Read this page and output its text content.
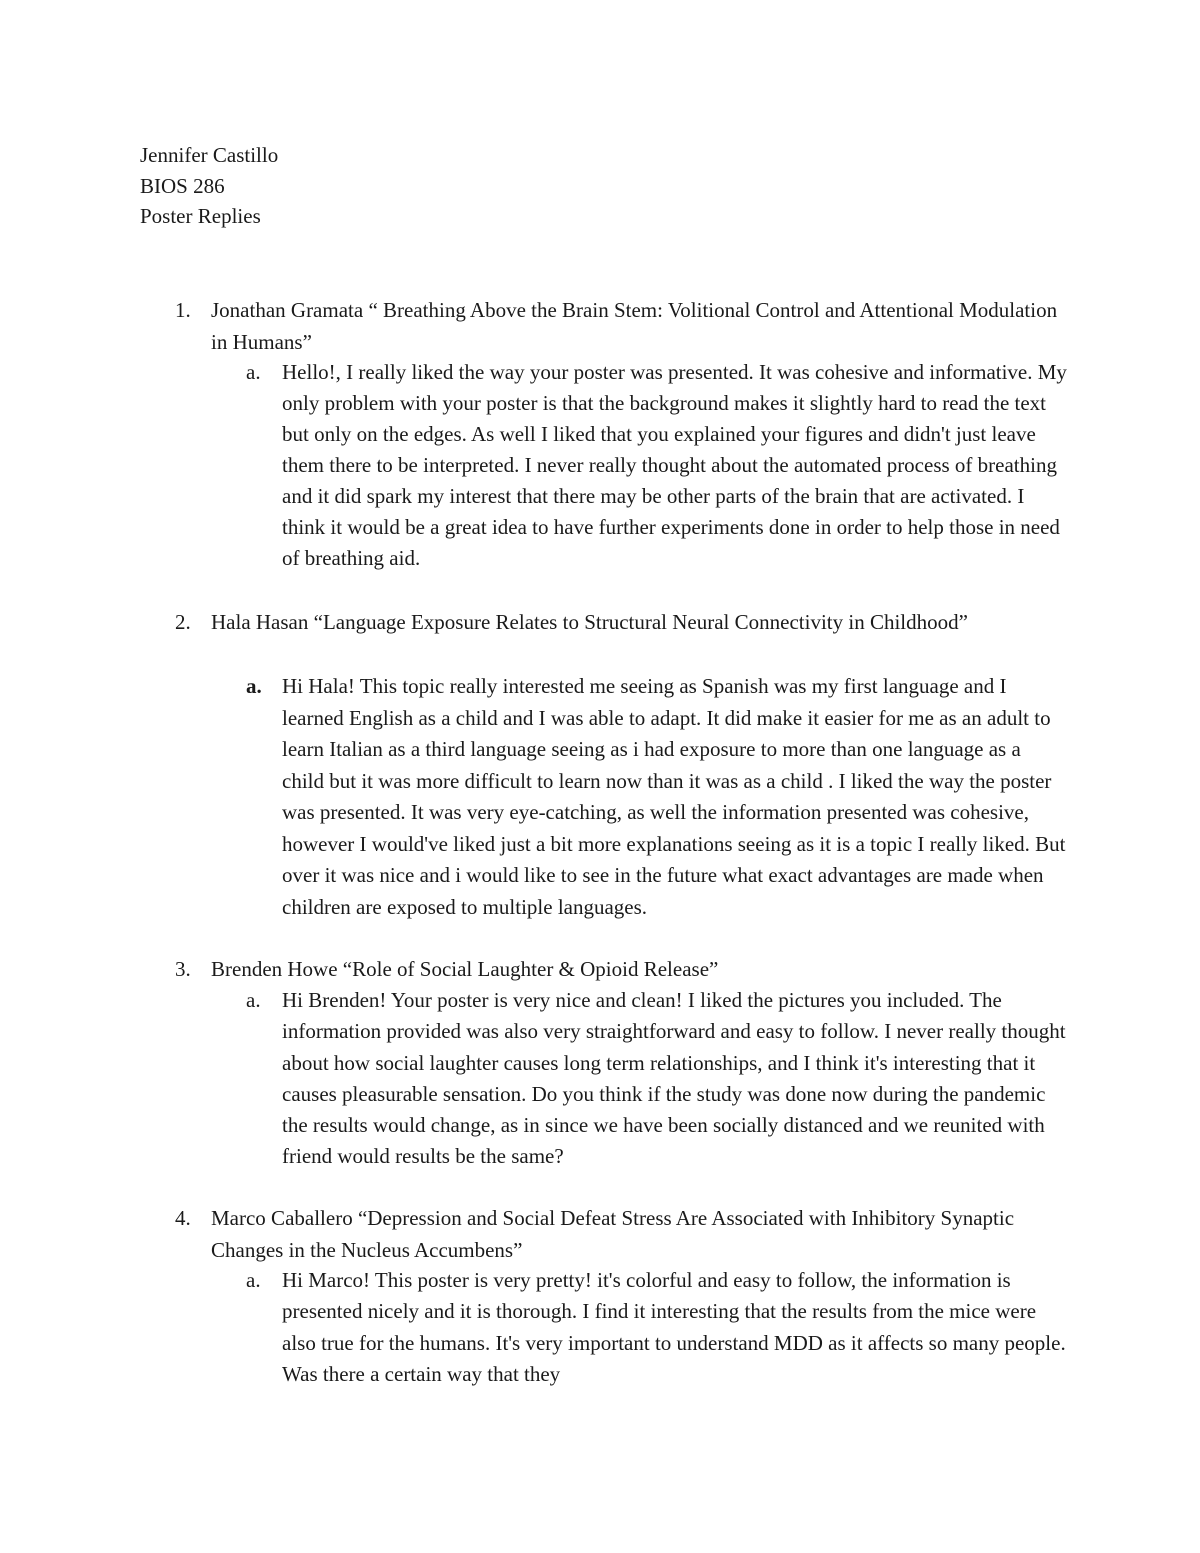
Jennifer Castillo
BIOS 286
Poster Replies
1. Jonathan Gramata “ Breathing Above the Brain Stem: Volitional Control and Attentional Modulation in Humans”
a.	Hello!, I really liked the way your poster was presented. It was cohesive and informative. My only problem with your poster is that the background makes it slightly hard to read the text but only on the edges. As well I liked that you explained your figures and didn't just leave them there to be interpreted. I never really thought about the automated process of breathing and it did spark my interest that there may be other parts of the brain that are activated. I think it would be a great idea to have further experiments done in order to help those in need of breathing aid.
2. Hala Hasan “Language Exposure Relates to Structural Neural Connectivity in Childhood”
a. Hi Hala! This topic really interested me seeing as Spanish was my first language and I learned English as a child and I was able to adapt. It did make it easier for me as an adult to learn Italian as a third language seeing as i had exposure to more than one language as a child but it was more difficult to learn now than it was as a child . I liked the way the poster was presented. It was very eye-catching, as well the information presented was cohesive, however I would've liked just a bit more explanations seeing as it is a topic I really liked. But over it was nice and i would like to see in the future what exact advantages are made when children are exposed to multiple languages.
3. Brenden Howe “Role of Social Laughter & Opioid Release”
a.	Hi Brenden! Your poster is very nice and clean! I liked the pictures you included. The information provided was also very straightforward and easy to follow. I never really thought about how social laughter causes long term relationships, and I think it's interesting that it causes pleasurable sensation. Do you think if the study was done now during the pandemic the results would change, as in since we have been socially distanced and we reunited with friend would results be the same?
4. Marco Caballero “Depression and Social Defeat Stress Are Associated with Inhibitory Synaptic Changes in the Nucleus Accumbens”
a.	Hi Marco! This poster is very pretty! it's colorful and easy to follow, the information is presented nicely and it is thorough. I find it interesting that the results from the mice were also true for the humans. It's very important to understand MDD as it affects so many people. Was there a certain way that they
